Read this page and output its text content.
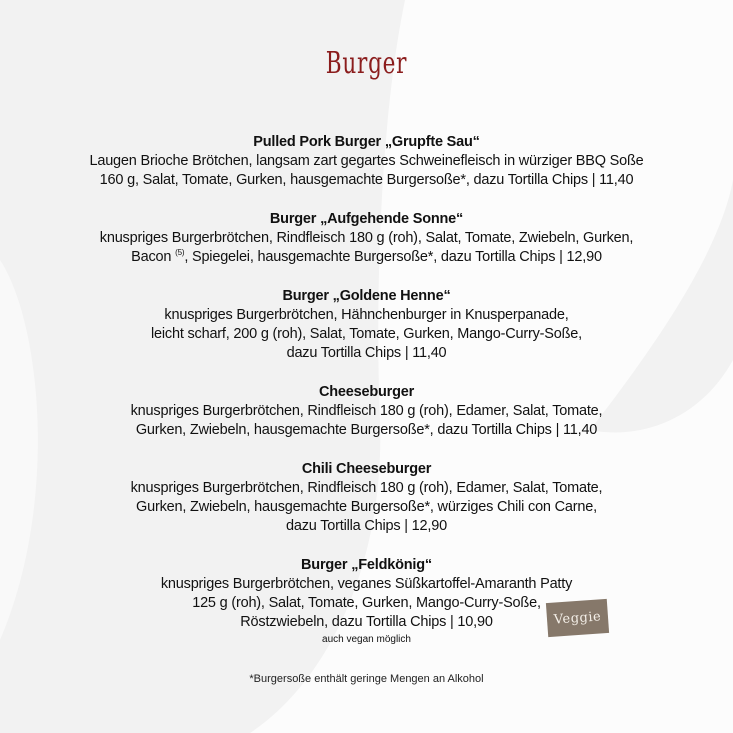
Burger
Pulled Pork Burger „Grupfte Sau“
Laugen Brioche Brötchen, langsam zart gegartes Schweinefleisch in würziger BBQ Soße
160 g, Salat, Tomate, Gurken, hausgemachte Burgersoße*, dazu Tortilla Chips | 11,40
Burger „Aufgehende Sonne“
knuspriges Burgerbrötchen, Rindfleisch 180 g (roh), Salat, Tomate, Zwiebeln, Gurken,
Bacon $^{(5)}$, Spiegelei, hausgemachte Burgersoße*, dazu Tortilla Chips | 12,90
Burger „Goldene Henne“
knuspriges Burgerbrötchen, Hähnchenburger in Knusperpanade,
leicht scharf, 200 g (roh), Salat, Tomate, Gurken, Mango-Curry-Soße,
dazu Tortilla Chips | 11,40
Cheeseburger
knuspriges Burgerbrötchen, Rindfleisch 180 g (roh), Edamer, Salat, Tomate,
Gurken, Zwiebeln, hausgemachte Burgersoße*, dazu Tortilla Chips | 11,40
Chili Cheeseburger
knuspriges Burgerbrötchen, Rindfleisch 180 g (roh), Edamer, Salat, Tomate,
Gurken, Zwiebeln, hausgemachte Burgersoße*, würziges Chili con Carne,
dazu Tortilla Chips | 12,90
Burger „Feldkönig“
knuspriges Burgerbrötchen, veganes Süßkartoffel-Amaranth Patty
125 g (roh), Salat, Tomate, Gurken, Mango-Curry-Soße,
Röstzwiebeln, dazu Tortilla Chips | 10,90
auch vegan möglich
Veggie
*Burgersoße enthält geringe Mengen an Alkohol
